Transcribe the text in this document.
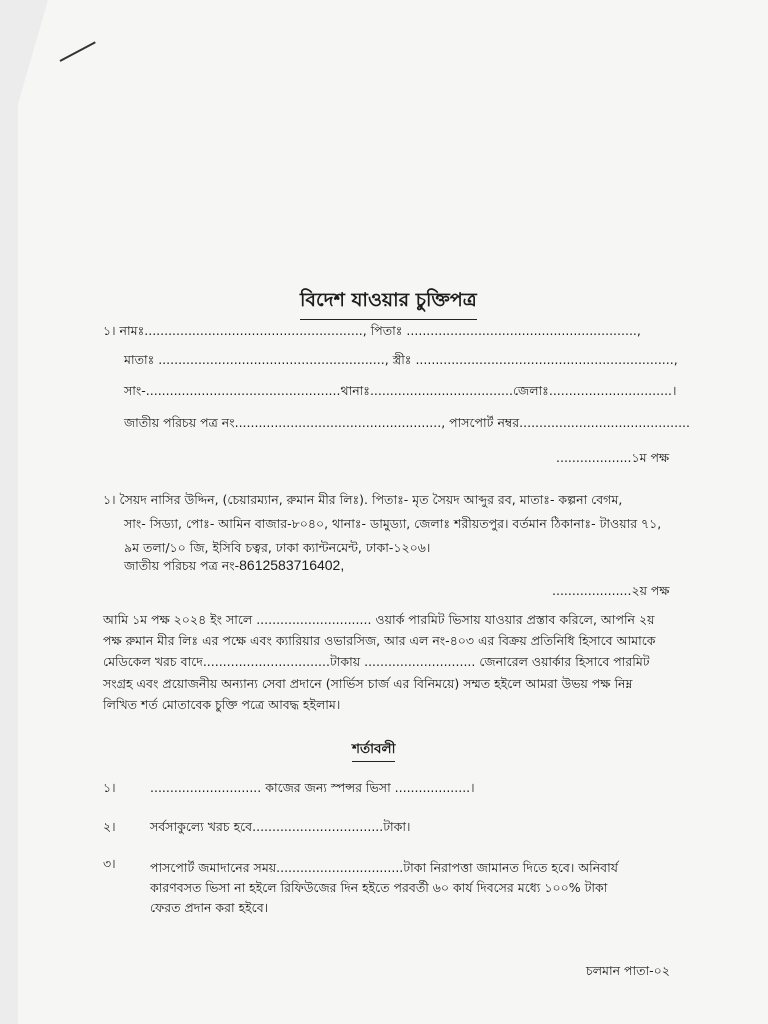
বিদেশ যাওয়ার চুক্তিপত্র
১। নামঃ......................................................., পিতাঃ ..........................................................,
মাতাঃ ........................................................., স্ত্রীঃ .................................................................,
সাং-.................................................থানাঃ....................................জেলাঃ...............................।
জাতীয় পরিচয় পত্র নং...................................................., পাসপোর্ট নম্বর...........................................
...................১ম পক্ষ
১। সৈয়দ নাসির উদ্দিন, (চেয়ারম্যান, রুমান মীর লিঃ). পিতাঃ- মৃত সৈয়দ আব্দুর রব, মাতাঃ- কল্পনা বেগম,
সাং- সিড্যা, পোঃ- আমিন বাজার-৮০৪০, থানাঃ- ডামুড্যা, জেলাঃ শরীয়তপুর। বর্তমান ঠিকানাঃ- টাওয়ার ৭১,
৯ম তলা/১০ জি, ইসিবি চত্বর, ঢাকা ক্যান্টনমেন্ট, ঢাকা-১২০৬।
জাতীয় পরিচয় পত্র নং-8612583716402,
....................২য় পক্ষ
আমি ১ম পক্ষ ২০২৪ ইং সালে ............................. ওয়ার্ক পারমিট ভিসায় যাওয়ার প্রস্তাব করিলে, আপনি ২য়
পক্ষ রুমান মীর লিঃ এর পক্ষে এবং ক্যারিয়ার ওভারসিজ, আর এল নং-৪০৩ এর বিক্রয় প্রতিনিধি হিসাবে আমাকে
মেডিকেল খরচ বাদে................................টাকায় ............................ জেনারেল ওয়ার্কার হিসাবে পারমিট
সংগ্রহ এবং প্রয়োজনীয় অন্যান্য সেবা প্রদানে (সার্ভিস চার্জ এর বিনিময়ে) সম্মত হইলে আমরা উভয় পক্ষ নিম্ন
লিখিত শর্ত মোতাবেক চুক্তি পত্রে আবদ্ধ হইলাম।
শর্তাবলী
১।	............................ কাজের জন্য স্পন্সর ভিসা ...................।
২।	সর্বসাকুল্যে খরচ হবে.................................টাকা।
৩।	পাসপোর্ট জমাদানের সময়................................টাকা নিরাপত্তা জামানত দিতে হবে। অনিবার্য
কারণবসত ভিসা না হইলে রিফিউজের দিন হইতে পরবর্তী ৬০ কার্য দিবসের মধ্যে ১০০% টাকা
ফেরত প্রদান করা হইবে।
চলমান পাতা-০২
